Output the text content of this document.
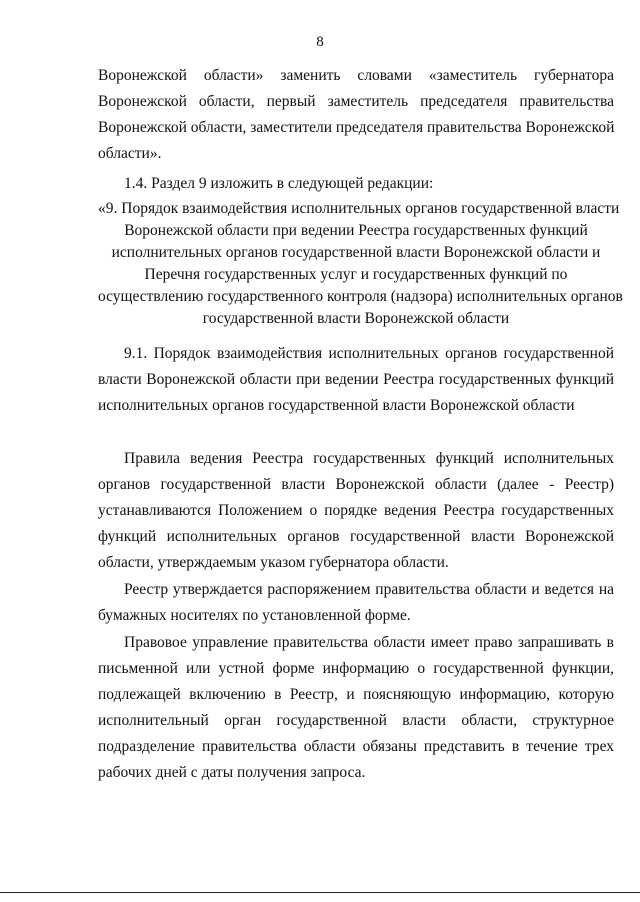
8
Воронежской области» заменить словами «заместитель губернатора
Воронежской области, первый заместитель председателя правительства
Воронежской области, заместители председателя правительства Воронежской
области».
1.4. Раздел 9 изложить в следующей редакции:
«9. Порядок взаимодействия исполнительных органов государственной власти
Воронежской области при ведении Реестра государственных функций
исполнительных органов государственной власти Воронежской области и
Перечня государственных услуг и государственных функций по
осуществлению государственного контроля (надзора) исполнительных органов
государственной власти Воронежской области
9.1. Порядок взаимодействия исполнительных органов государственной
власти Воронежской области при ведении Реестра государственных функций
исполнительных органов государственной власти Воронежской области
Правила ведения Реестра государственных функций исполнительных
органов государственной власти Воронежской области (далее - Реестр)
устанавливаются Положением о порядке ведения Реестра государственных
функций исполнительных органов государственной власти Воронежской
области, утверждаемым указом губернатора области.
Реестр утверждается распоряжением правительства области и ведется на
бумажных носителях по установленной форме.
Правовое управление правительства области имеет право запрашивать в
письменной или устной форме информацию о государственной функции,
подлежащей включению в Реестр, и поясняющую информацию, которую
исполнительный орган государственной власти области, структурное
подразделение правительства области обязаны представить в течение трех
рабочих дней с даты получения запроса.
